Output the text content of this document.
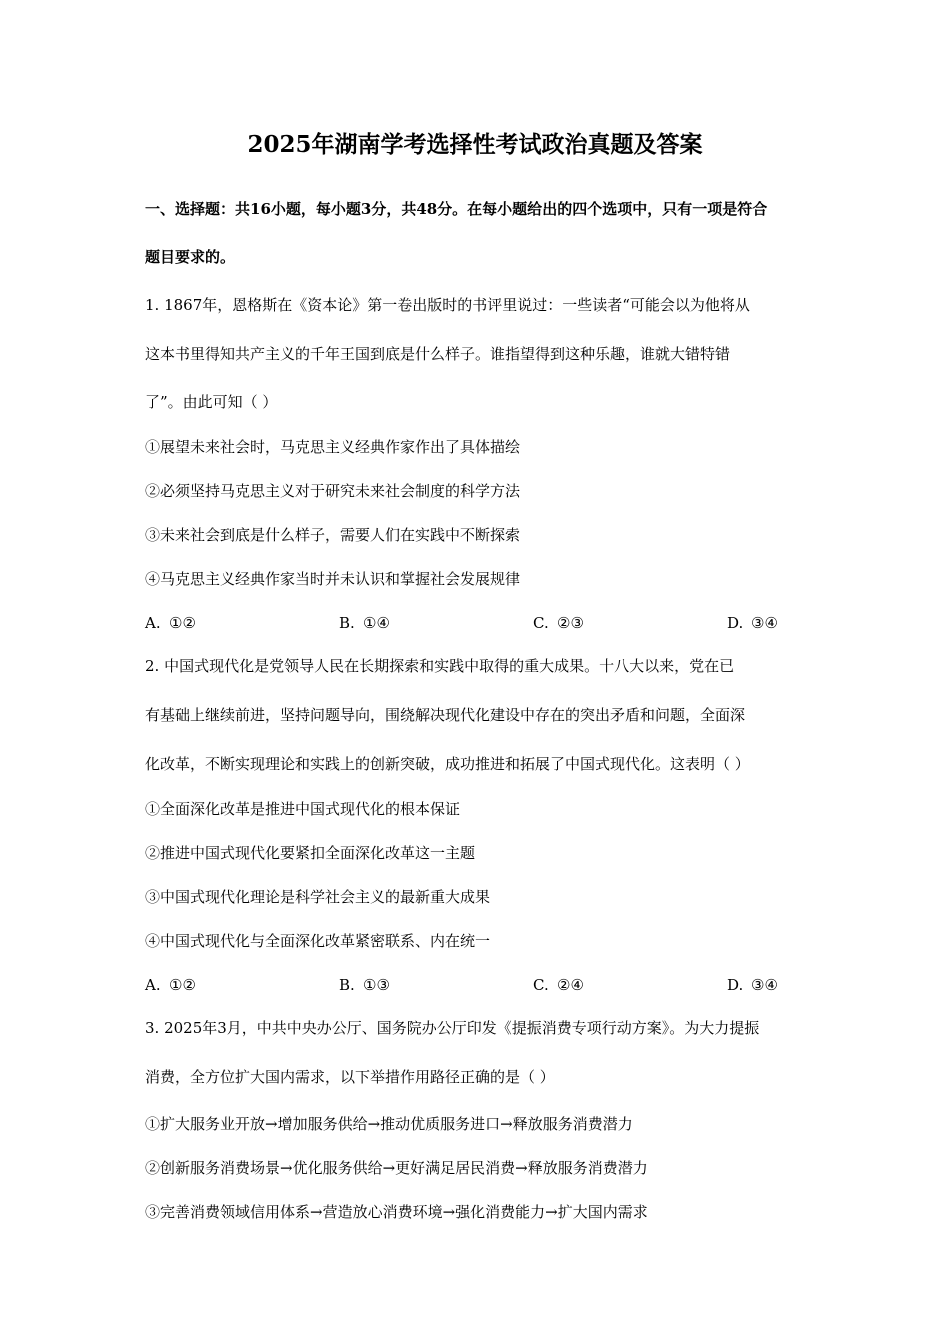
2025年湖南学考选择性考试政治真题及答案
一、选择题：共16小题，每小题3分，共48分。在每小题给出的四个选项中，只有一项是符合
题目要求的。
1. 1867年，恩格斯在《资本论》第一卷出版时的书评里说过：一些读者“可能会以为他将从
这本书里得知共产主义的千年王国到底是什么样子。谁指望得到这种乐趣，谁就大错特错
了”。由此可知（ ）
①展望未来社会时，马克思主义经典作家作出了具体描绘
②必须坚持马克思主义对于研究未来社会制度的科学方法
③未来社会到底是什么样子，需要人们在实践中不断探索
④马克思主义经典作家当时并未认识和掌握社会发展规律
A. ①②	B. ①④	C. ②③	D. ③④
2. 中国式现代化是党领导人民在长期探索和实践中取得的重大成果。十八大以来，党在已
有基础上继续前进，坚持问题导向，围绕解决现代化建设中存在的突出矛盾和问题，全面深
化改革，不断实现理论和实践上的创新突破，成功推进和拓展了中国式现代化。这表明（ ）
①全面深化改革是推进中国式现代化的根本保证
②推进中国式现代化要紧扣全面深化改革这一主题
③中国式现代化理论是科学社会主义的最新重大成果
④中国式现代化与全面深化改革紧密联系、内在统一
A. ①②	B. ①③	C. ②④	D. ③④
3. 2025年3月，中共中央办公厅、国务院办公厅印发《提振消费专项行动方案》。为大力提振
消费，全方位扩大国内需求，以下举措作用路径正确的是（ ）
①扩大服务业开放→增加服务供给→推动优质服务进口→释放服务消费潜力
②创新服务消费场景→优化服务供给→更好满足居民消费→释放服务消费潜力
③完善消费领域信用体系→营造放心消费环境→强化消费能力→扩大国内需求
